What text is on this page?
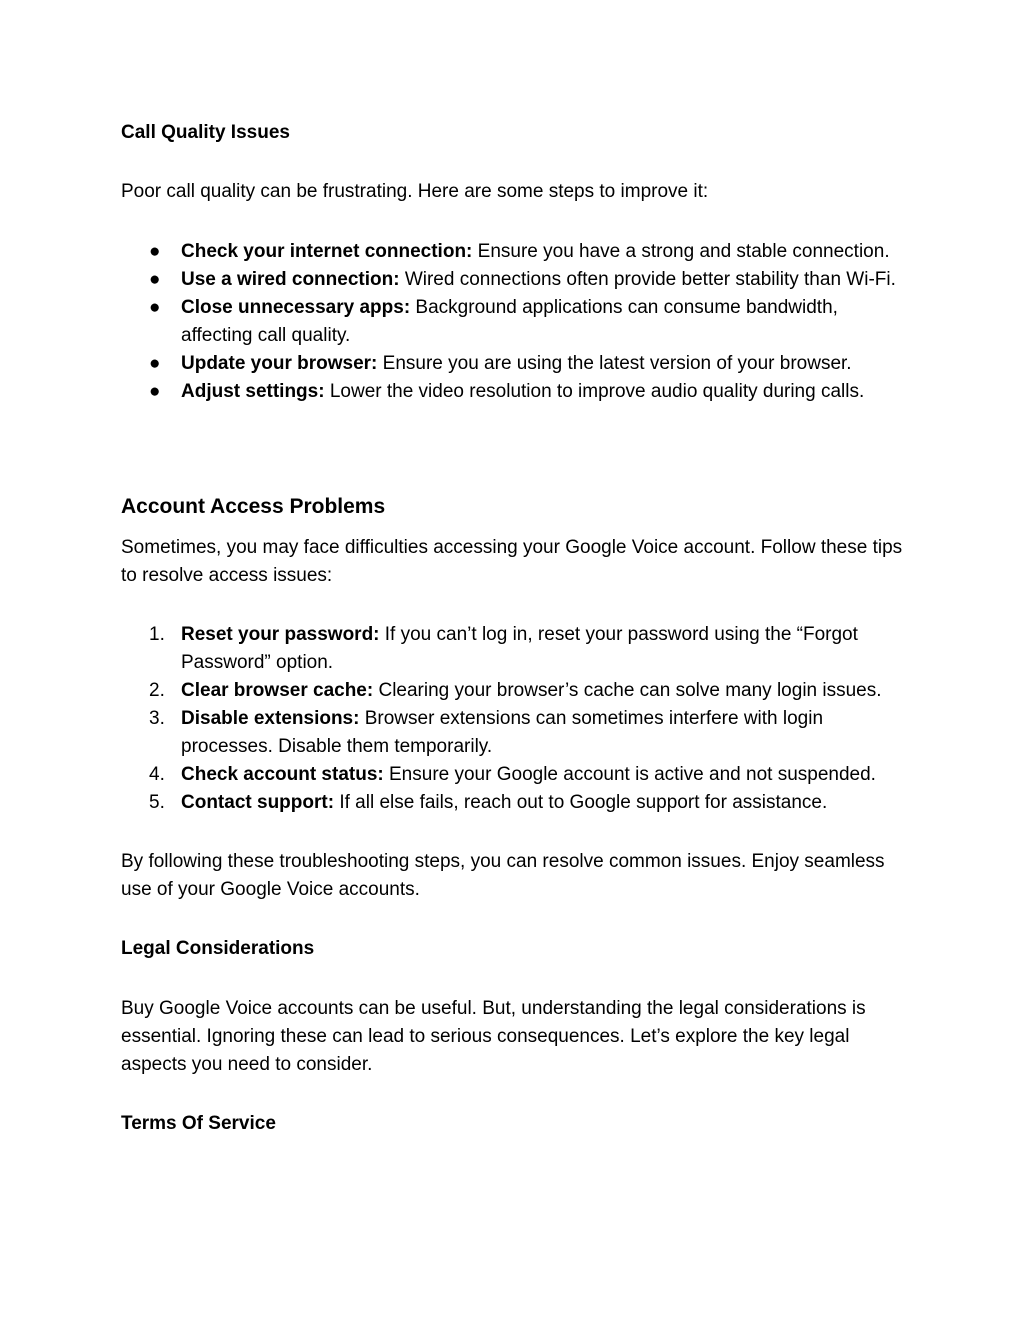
Call Quality Issues
Poor call quality can be frustrating. Here are some steps to improve it:
● Check your internet connection: Ensure you have a strong and stable connection.
● Use a wired connection: Wired connections often provide better stability than Wi-Fi.
● Close unnecessary apps: Background applications can consume bandwidth, affecting call quality.
● Update your browser: Ensure you are using the latest version of your browser.
● Adjust settings: Lower the video resolution to improve audio quality during calls.
Account Access Problems
Sometimes, you may face difficulties accessing your Google Voice account. Follow these tips to resolve access issues:
1. Reset your password: If you can’t log in, reset your password using the “Forgot Password” option.
2. Clear browser cache: Clearing your browser’s cache can solve many login issues.
3. Disable extensions: Browser extensions can sometimes interfere with login processes. Disable them temporarily.
4. Check account status: Ensure your Google account is active and not suspended.
5. Contact support: If all else fails, reach out to Google support for assistance.
By following these troubleshooting steps, you can resolve common issues. Enjoy seamless use of your Google Voice accounts.
Legal Considerations
Buy Google Voice accounts can be useful. But, understanding the legal considerations is essential. Ignoring these can lead to serious consequences. Let’s explore the key legal aspects you need to consider.
Terms Of Service
